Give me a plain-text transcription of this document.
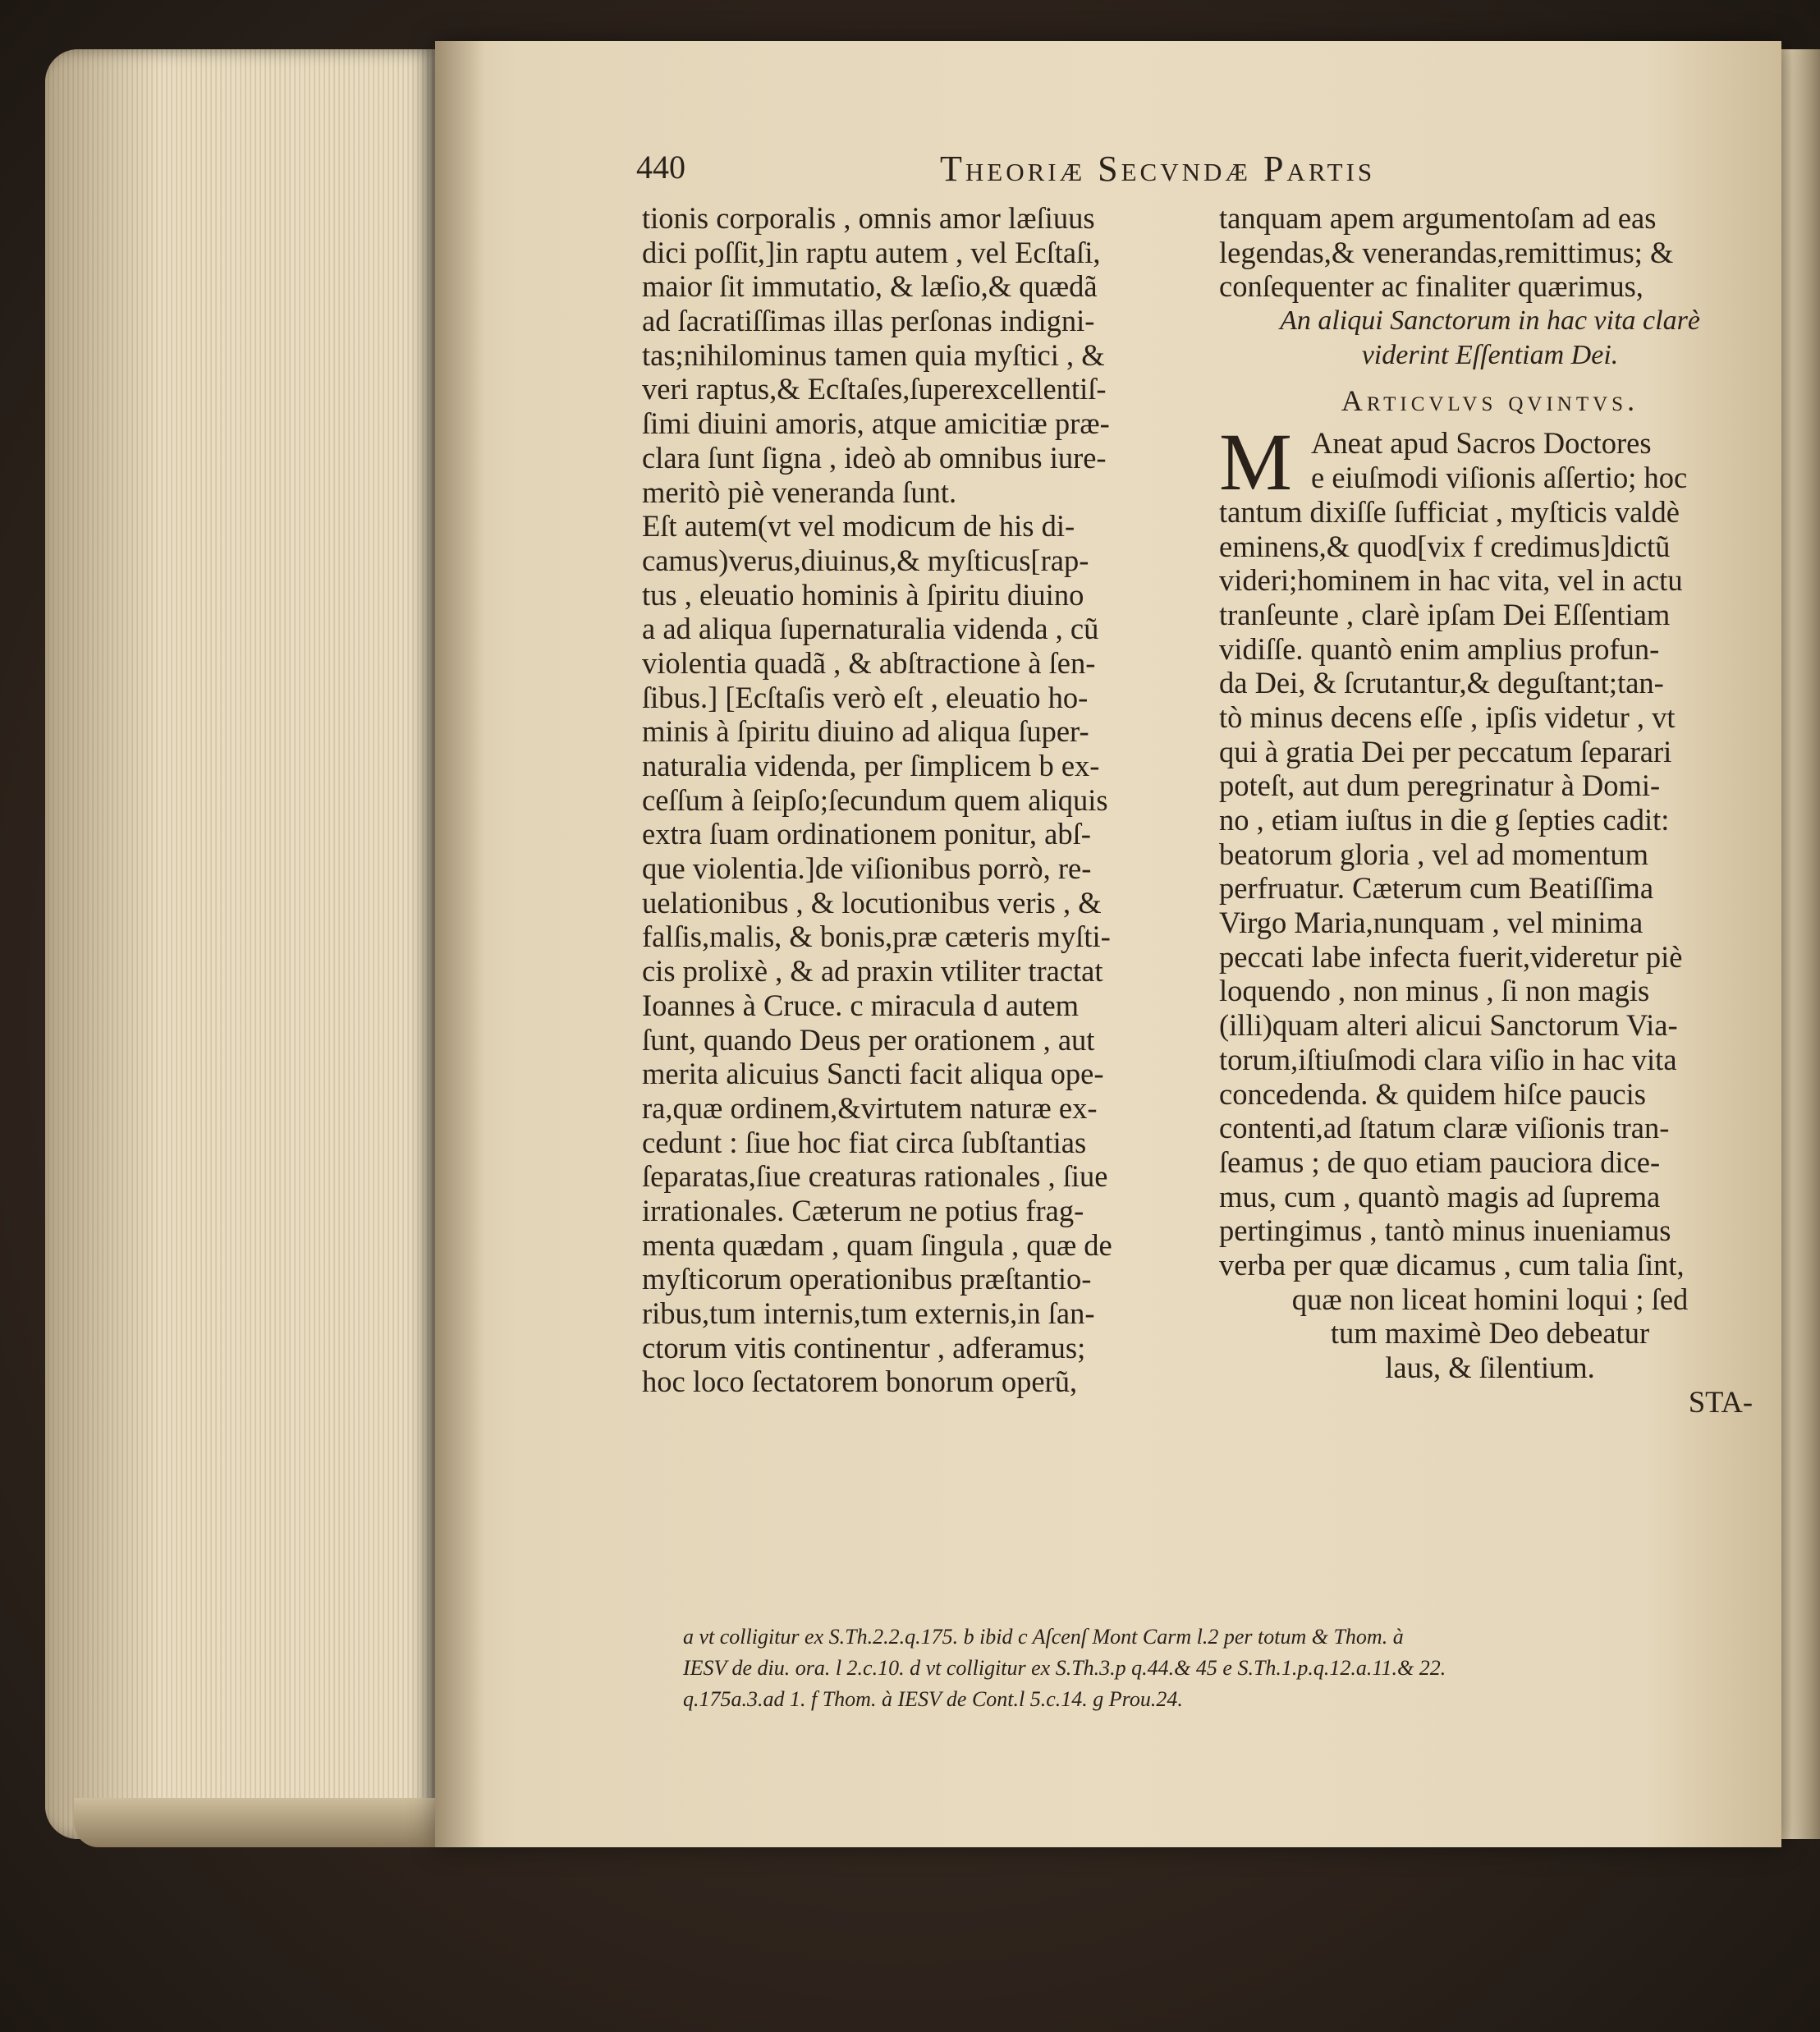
440	Theoriæ Secvndæ Partis
tionis corporalis , omnis amor læſiuus
dici poſſit,]in raptu autem , vel Ecſtaſi,
maior ſit immutatio, & læſio,& quædã
ad ſacratiſſimas illas perſonas indigni-
tas;nihilominus tamen quia myſtici , &
veri raptus,& Ecſtaſes,ſuperexcellentiſ-
ſimi diuini amoris, atque amicitiæ præ-
clara ſunt ſigna , ideò ab omnibus iure-
meritò piè veneranda ſunt.
Eſt autem(vt vel modicum de his di-
camus)verus,diuinus,& myſticus[rap-
tus , eleuatio hominis à ſpiritu diuino
a ad aliqua ſupernaturalia videnda , cũ
violentia quadã , & abſtractione à ſen-
ſibus.] [Ecſtaſis verò eſt , eleuatio ho-
minis à ſpiritu diuino ad aliqua ſuper-
naturalia videnda, per ſimplicem b ex-
ceſſum à ſeipſo;ſecundum quem aliquis
extra ſuam ordinationem ponitur, abſ-
que violentia.]de viſionibus porrò, re-
uelationibus , & locutionibus veris , &
falſis,malis, & bonis,præ cæteris myſti-
cis prolixè , & ad praxin vtiliter tractat
Ioannes à Cruce. c miracula d autem
ſunt, quando Deus per orationem , aut
merita alicuius Sancti facit aliqua ope-
ra,quæ ordinem,&virtutem naturæ ex-
cedunt : ſiue hoc fiat circa ſubſtantias
ſeparatas,ſiue creaturas rationales , ſiue
irrationales. Cæterum ne potius frag-
menta quædam , quam ſingula , quæ de
myſticorum operationibus præſtantio-
ribus,tum internis,tum externis,in ſan-
ctorum vitis continentur , adferamus;
hoc loco ſectatorem bonorum operũ,
tanquam apem argumentoſam ad eas
legendas,& venerandas,remittimus; &
conſequenter ac finaliter quærimus,
An aliqui Sanctorum in hac vita clarè
viderint Eſſentiam Dei.
Articvlvs qvintvs.
M Aneat apud Sacros Doctores
e eiuſmodi viſionis aſſertio; hoc
tantum dixiſſe ſufficiat , myſticis valdè
eminens,& quod[vix f credimus]dictũ
videri;hominem in hac vita, vel in actu
tranſeunte , clarè ipſam Dei Eſſentiam
vidiſſe. quantò enim amplius profun-
da Dei, & ſcrutantur,& deguſtant;tan-
tò minus decens eſſe , ipſis videtur , vt
qui à gratia Dei per peccatum ſeparari
poteſt, aut dum peregrinatur à Domi-
no , etiam iuſtus in die g ſepties cadit:
beatorum gloria , vel ad momentum
perfruatur. Cæterum cum Beatiſſima
Virgo Maria,nunquam , vel minima
peccati labe infecta fuerit,videretur piè
loquendo , non minus , ſi non magis
(illi)quam alteri alicui Sanctorum Via-
torum,iſtiuſmodi clara viſio in hac vita
concedenda. & quidem hiſce paucis
contenti,ad ſtatum claræ viſionis tran-
ſeamus ; de quo etiam pauciora dice-
mus, cum , quantò magis ad ſuprema
pertingimus , tantò minus inueniamus
verba per quæ dicamus , cum talia ſint,
quæ non liceat homini loqui ; ſed
tum maximè Deo debeatur
laus, & ſilentium.
STA-
a vt colligitur ex S.Th.2.2.q.175. b ibid c Aſcenſ Mont Carm l.2 per totum & Thom. à
IESV de diu. ora. l 2.c.10. d vt colligitur ex S.Th.3.p q.44.& 45 e S.Th.1.p.q.12.a.11.& 22.
q.175a.3.ad 1. f Thom. à IESV de Cont.l 5.c.14. g Prou.24.
